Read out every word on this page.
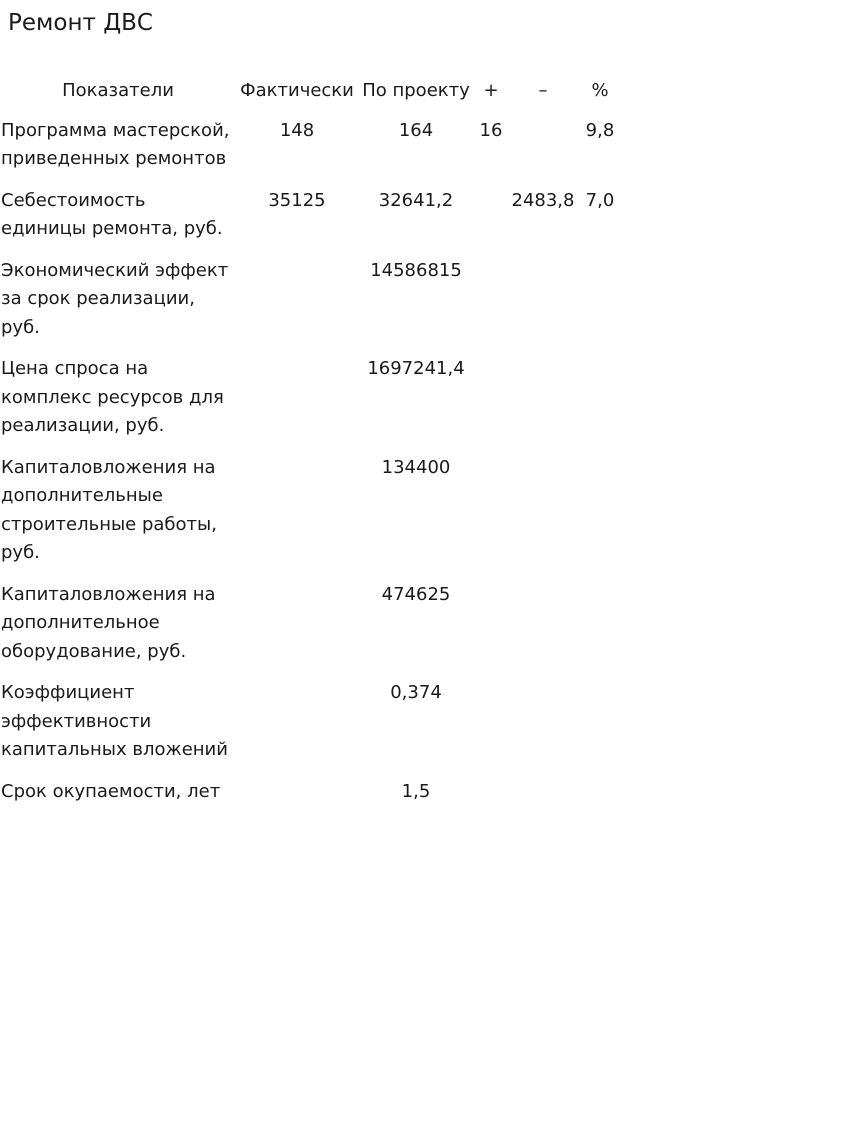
Ремонт ДВС
Показатели	Фактически	По проекту	+	–	%
Программа мастерской, приведенных ремонтов	148	164	16		9,8
Себестоимость единицы ремонта, руб.	35125	32641,2		2483,8	7,0
Экономический эффект за срок реализации, руб.		14586815			
Цена спроса на комплекс ресурсов для реализации, руб.		1697241,4			
Капиталовложения на дополнительные строительные работы, руб.		134400			
Капиталовложения на дополнительное оборудование, руб.		474625			
Коэффициент эффективности капитальных вложений		0,374			
Срок окупаемости, лет		1,5			
